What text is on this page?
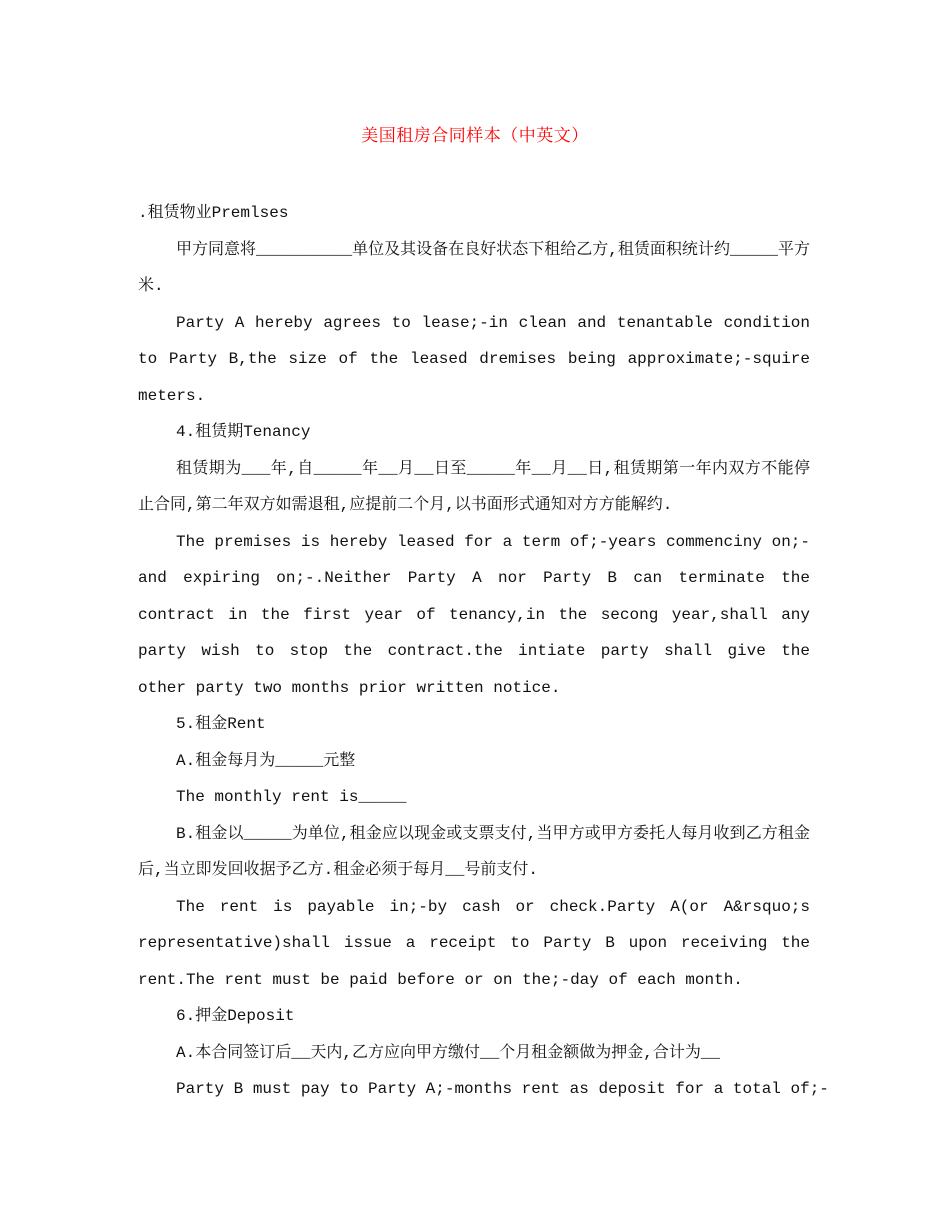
美国租房合同样本（中英文）

.租赁物业Premlses

甲方同意将__________单位及其设备在良好状态下租给乙方,租赁面积统计约_____平方米.

Party A hereby agrees to lease;-in clean and tenantable condition to Party B,the size of the leased dremises being approximate;-squire meters.

4.租赁期Tenancy

租赁期为___年,自_____年__月__日至_____年__月__日,租赁期第一年内双方不能停止合同,第二年双方如需退租,应提前二个月,以书面形式通知对方方能解约.

The premises is hereby leased for a term of;-years commenciny on;-and expiring on;-.Neither Party A nor Party B can terminate the contract in the first year of tenancy,in the secong year,shall any party wish to stop the contract.the intiate party shall give the other party two months prior written notice.

5.租金Rent

A.租金每月为_____元整

The monthly rent is_____

B.租金以_____为单位,租金应以现金或支票支付,当甲方或甲方委托人每月收到乙方租金后,当立即发回收据予乙方.租金必须于每月__号前支付.

The rent is payable in;-by cash or check.Party A(or A&rsquo;s representative)shall issue a receipt to Party B upon receiving the rent.The rent must be paid before or on the;-day of each month.

6.押金Deposit

A.本合同签订后__天内,乙方应向甲方缴付__个月租金额做为押金,合计为__

Party B must pay to Party A;-months rent as deposit for a total of;-
